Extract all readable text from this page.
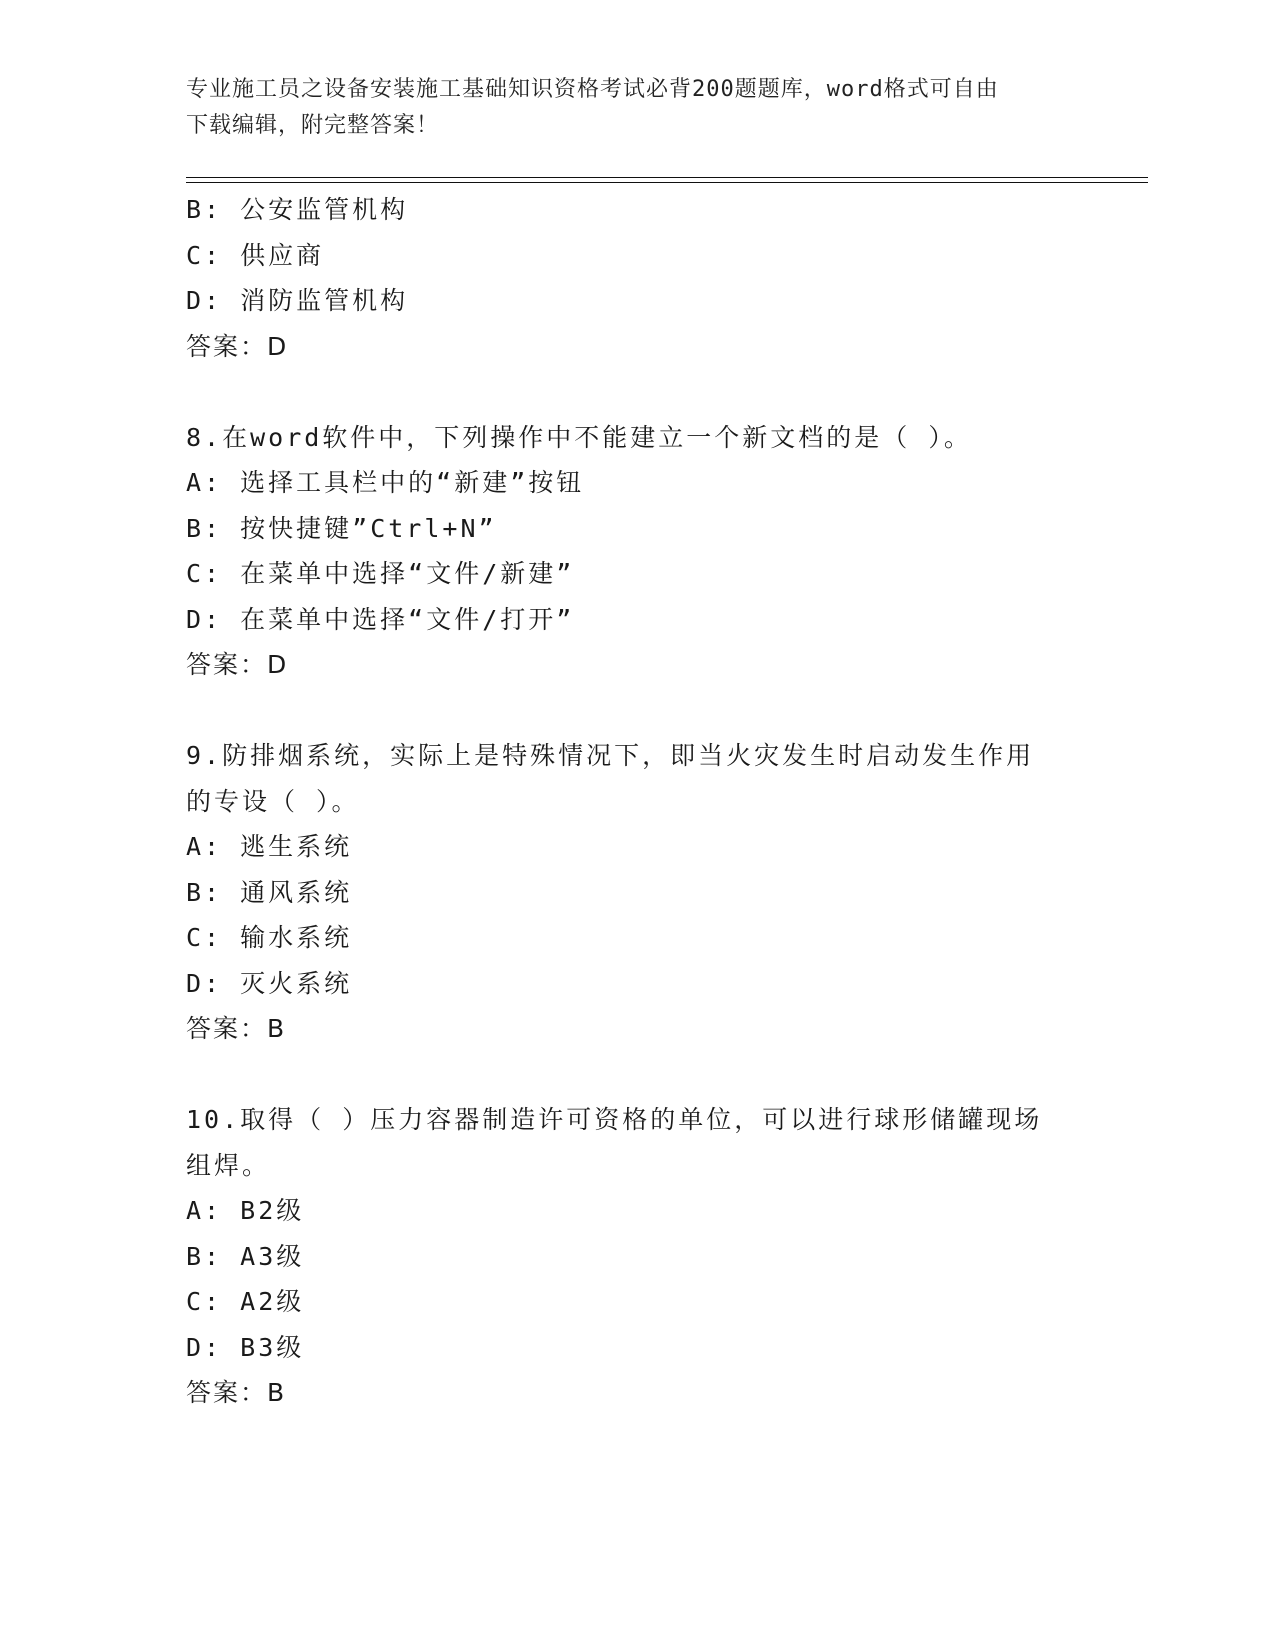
专业施工员之设备安装施工基础知识资格考试必背200题题库，word格式可自由
下载编辑，附完整答案！
B: 公安监管机构
C: 供应商
D: 消防监管机构
答案：D
8.在word软件中，下列操作中不能建立一个新文档的是（ ）。
A: 选择工具栏中的“新建”按钮
B: 按快捷键”Ctrl+N”
C: 在菜单中选择“文件/新建”
D: 在菜单中选择“文件/打开”
答案：D
9.防排烟系统，实际上是特殊情况下，即当火灾发生时启动发生作用
的专设（ ）。
A: 逃生系统
B: 通风系统
C: 输水系统
D: 灭火系统
答案：B
10.取得（ ）压力容器制造许可资格的单位，可以进行球形储罐现场
组焊。
A: B2级
B: A3级
C: A2级
D: B3级
答案：B
